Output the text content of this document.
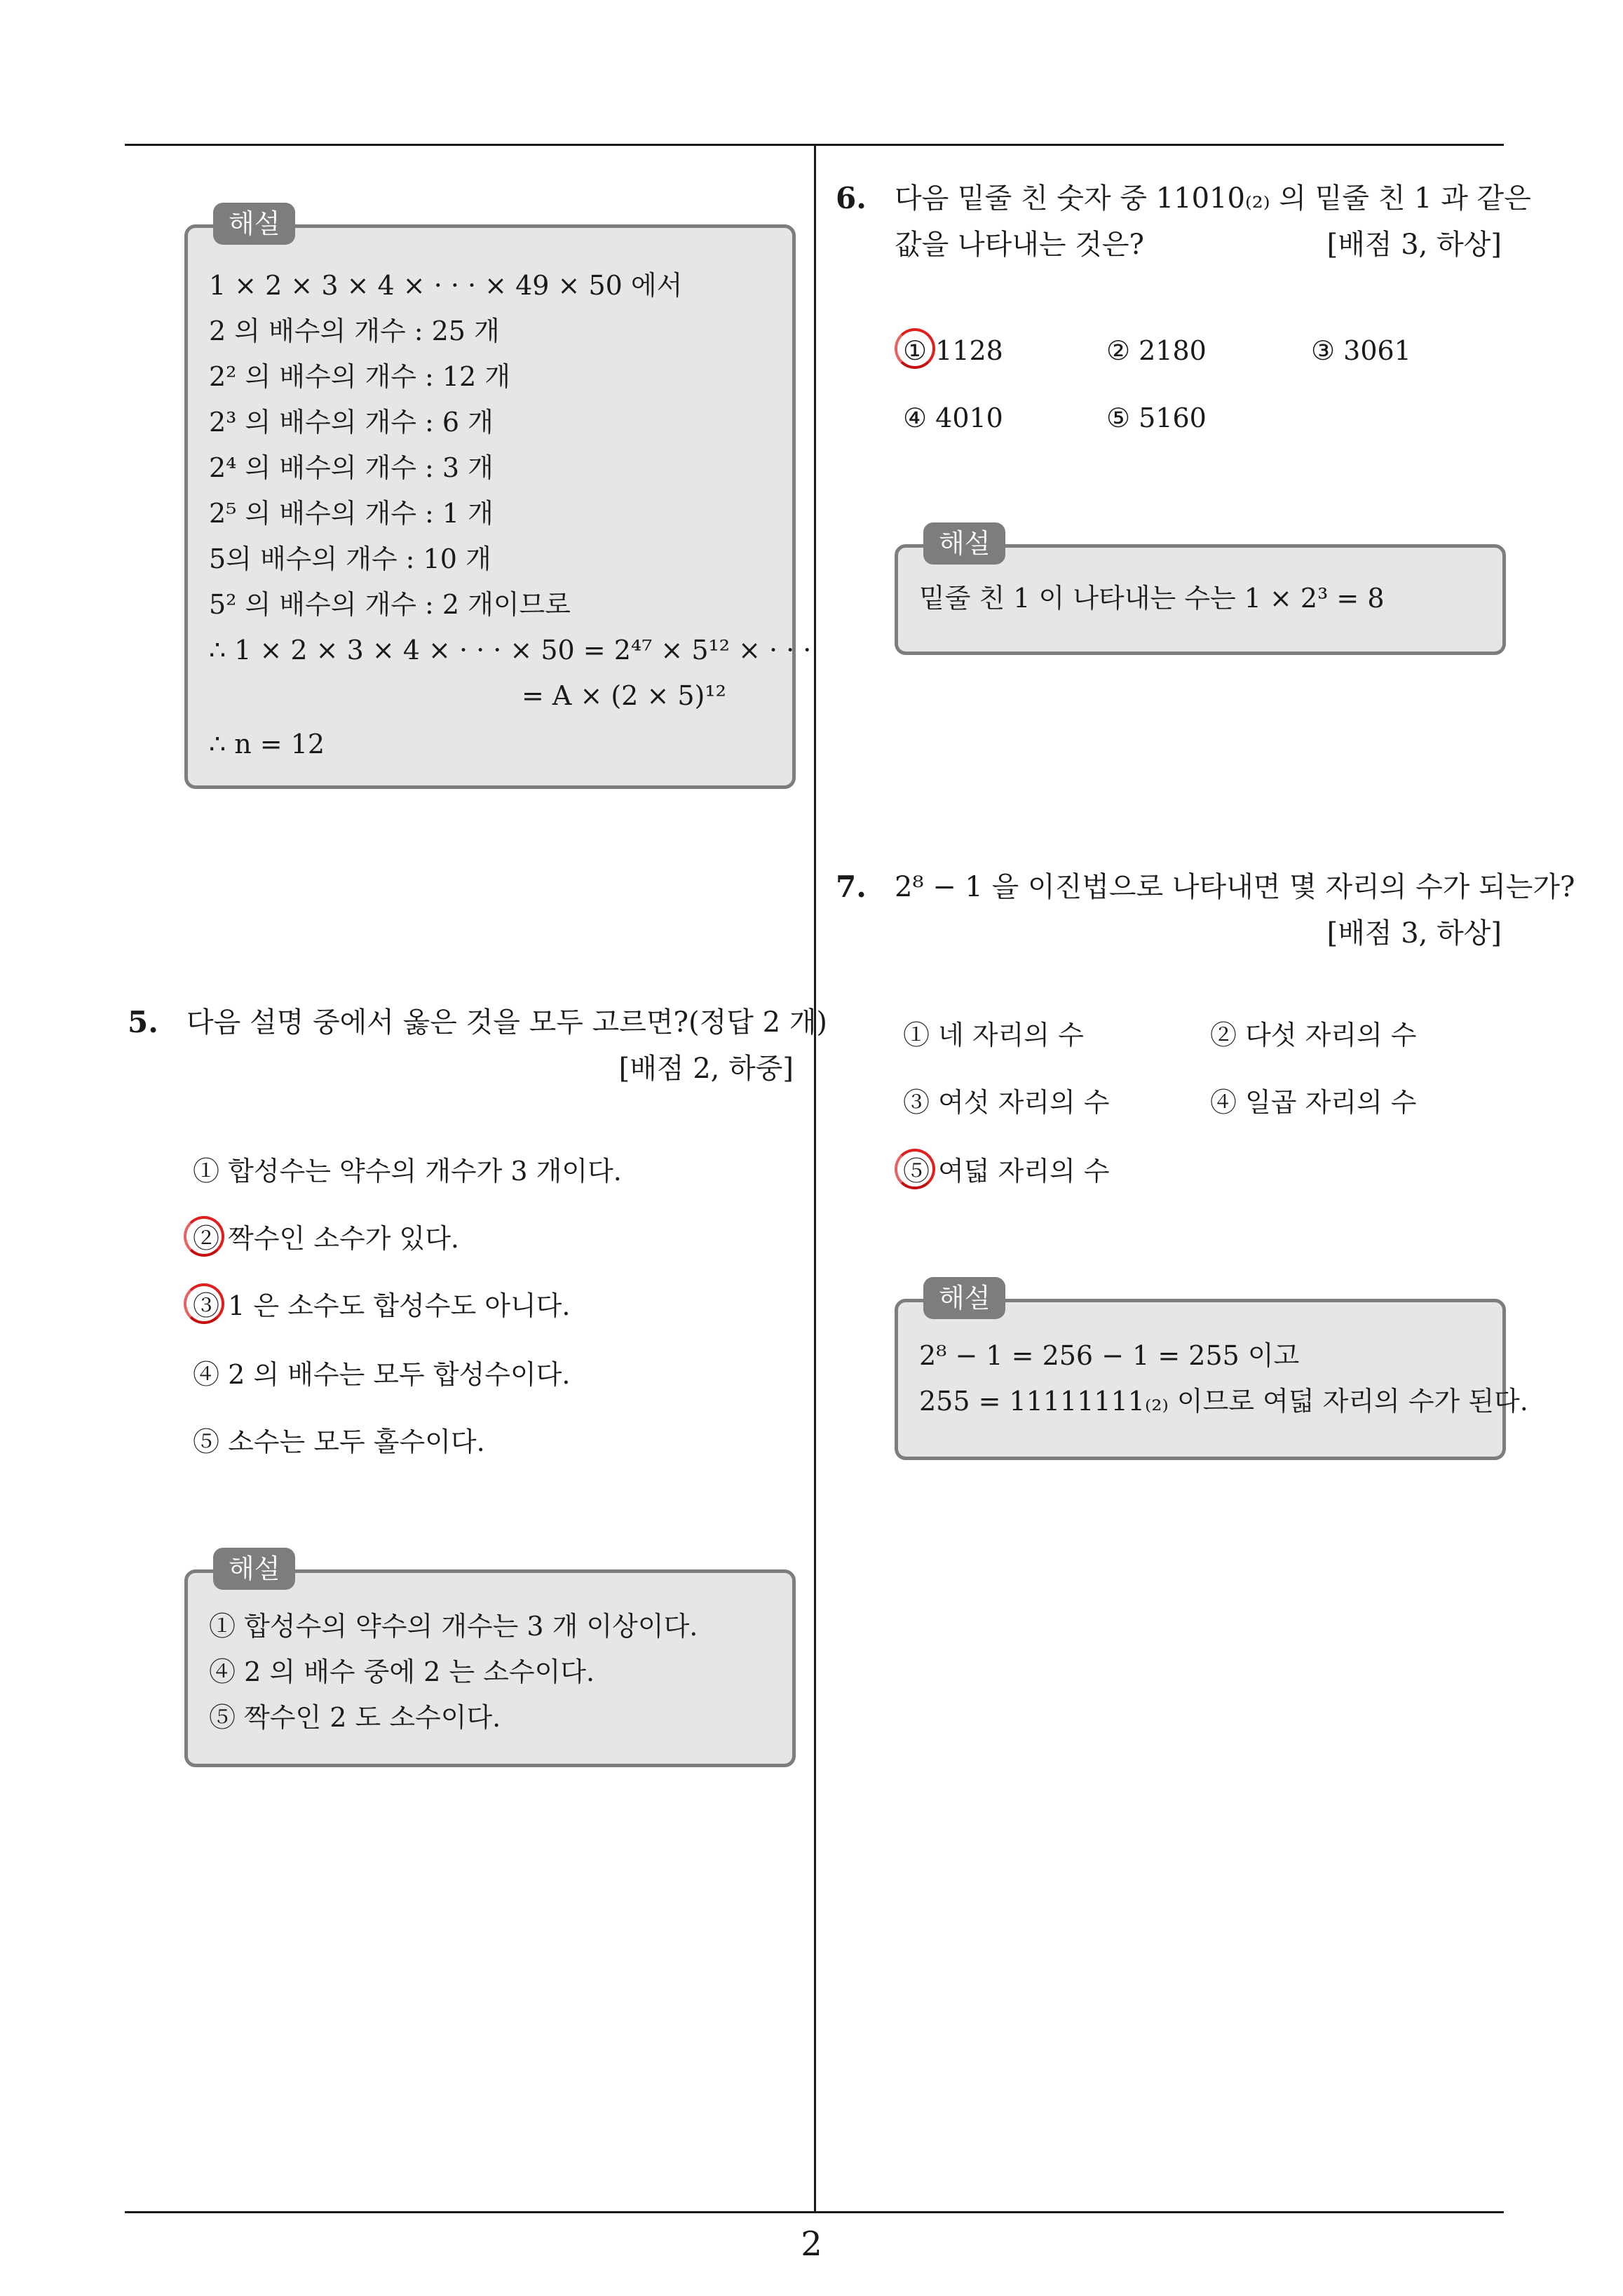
해설
1 × 2 × 3 × 4 × · · · × 49 × 50 에서
2 의 배수의 개수 : 25 개
2² 의 배수의 개수 : 12 개
2³ 의 배수의 개수 : 6 개
2⁴ 의 배수의 개수 : 3 개
2⁵ 의 배수의 개수 : 1 개
5의 배수의 개수 : 10 개
5² 의 배수의 개수 : 2 개이므로
∴ 1 × 2 × 3 × 4 × · · · × 50 = 2⁴⁷ × 5¹² × · · ·
= A × (2 × 5)¹²
∴ n = 12
5. 다음 설명 중에서 옳은 것을 모두 고르면?(정답 2 개)
[배점 2, 하중]
① 합성수는 약수의 개수가 3 개이다.
② 짝수인 소수가 있다.
③ 1 은 소수도 합성수도 아니다.
④ 2 의 배수는 모두 합성수이다.
⑤ 소수는 모두 홀수이다.
해설
① 합성수의 약수의 개수는 3 개 이상이다.
④ 2 의 배수 중에 2 는 소수이다.
⑤ 짝수인 2 도 소수이다.
6. 다음 밑줄 친 숫자 중 11010₍₂₎ 의 밑줄 친 1 과 같은
값을 나타내는 것은?	[배점 3, 하상]
① 1128	② 2180	③ 3061
④ 4010	⑤ 5160
해설
밑줄 친 1 이 나타내는 수는 1 × 2³ = 8
7. 2⁸ − 1 을 이진법으로 나타내면 몇 자리의 수가 되는가?
[배점 3, 하상]
① 네 자리의 수	② 다섯 자리의 수
③ 여섯 자리의 수	④ 일곱 자리의 수
⑤ 여덟 자리의 수
해설
2⁸ − 1 = 256 − 1 = 255 이고
255 = 11111111₍₂₎ 이므로 여덟 자리의 수가 된다.
2
